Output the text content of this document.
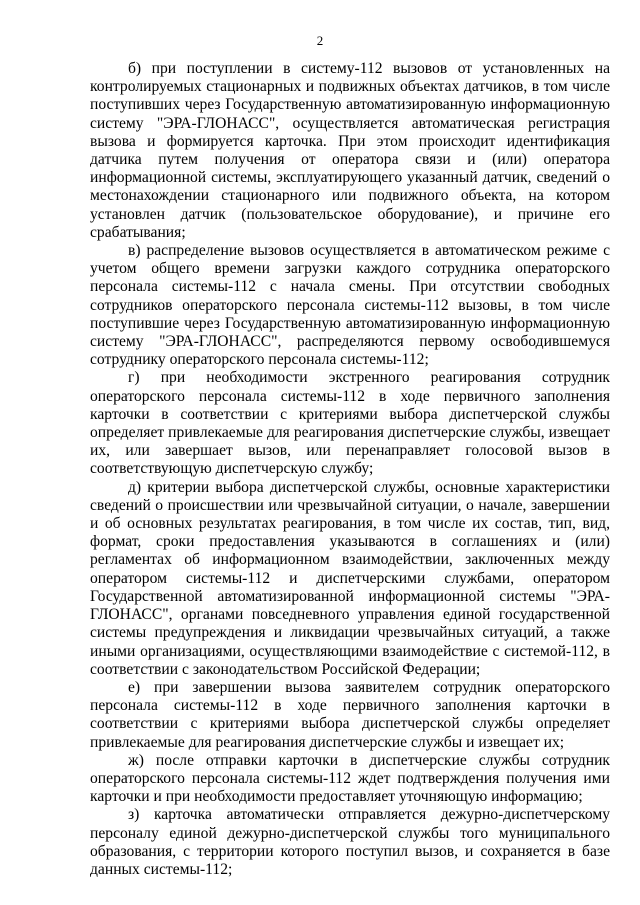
2

б) при поступлении в систему-112 вызовов от установленных на контролируемых стационарных и подвижных объектах датчиков, в том числе поступивших через Государственную автоматизированную информационную систему "ЭРА-ГЛОНАСС", осуществляется автоматическая регистрация вызова и формируется карточка. При этом происходит идентификация датчика путем получения от оператора связи и (или) оператора информационной системы, эксплуатирующего указанный датчик, сведений о местонахождении стационарного или подвижного объекта, на котором установлен датчик (пользовательское оборудование), и причине его срабатывания;

в) распределение вызовов осуществляется в автоматическом режиме с учетом общего времени загрузки каждого сотрудника операторского персонала системы-112 с начала смены. При отсутствии свободных сотрудников операторского персонала системы-112 вызовы, в том числе поступившие через Государственную автоматизированную информационную систему "ЭРА-ГЛОНАСС", распределяются первому освободившемуся сотруднику операторского персонала системы-112;

г) при необходимости экстренного реагирования сотрудник операторского персонала системы-112 в ходе первичного заполнения карточки в соответствии с критериями выбора диспетчерской службы определяет привлекаемые для реагирования диспетчерские службы, извещает их, или завершает вызов, или перенаправляет голосовой вызов в соответствующую диспетчерскую службу;

д) критерии выбора диспетчерской службы, основные характеристики сведений о происшествии или чрезвычайной ситуации, о начале, завершении и об основных результатах реагирования, в том числе их состав, тип, вид, формат, сроки предоставления указываются в соглашениях и (или) регламентах об информационном взаимодействии, заключенных между оператором системы-112 и диспетчерскими службами, оператором Государственной автоматизированной информационной системы "ЭРА-ГЛОНАСС", органами повседневного управления единой государственной системы предупреждения и ликвидации чрезвычайных ситуаций, а также иными организациями, осуществляющими взаимодействие с системой-112, в соответствии с законодательством Российской Федерации;

е) при завершении вызова заявителем сотрудник операторского персонала системы-112 в ходе первичного заполнения карточки в соответствии с критериями выбора диспетчерской службы определяет привлекаемые для реагирования диспетчерские службы и извещает их;

ж) после отправки карточки в диспетчерские службы сотрудник операторского персонала системы-112 ждет подтверждения получения ими карточки и при необходимости предоставляет уточняющую информацию;

з) карточка автоматически отправляется дежурно-диспетчерскому персоналу единой дежурно-диспетчерской службы того муниципального образования, с территории которого поступил вызов, и сохраняется в базе данных системы-112;
